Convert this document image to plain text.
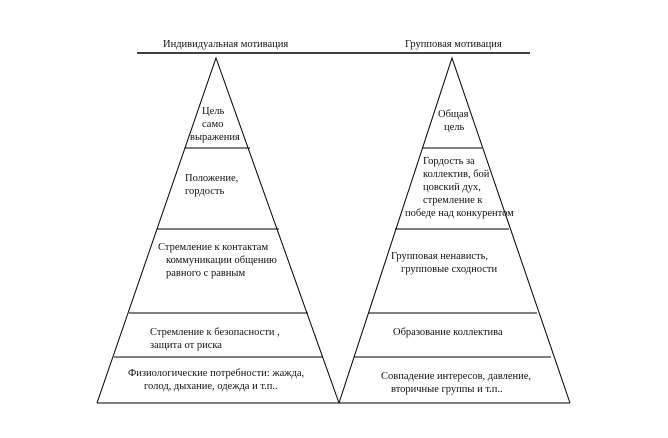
Индивидуальная мотивация	Групповая мотивация
Цель
само
выражения
Положение,
гордость
Стремление к контактам
коммуникации общению
равного с равным
Стремление к безопасности ,
защита от риска
Физиологические потребности: жажда,
голод, дыхание, одежда и т.п..
Общая
цель
Гордость за
коллектив, бой
цовский дух,
стремление к
победе над конкурентом
Групповая ненависть,
групповые сходности
Образование коллектива
Совпадение интересов, давление,
вторичные группы и т.п..
